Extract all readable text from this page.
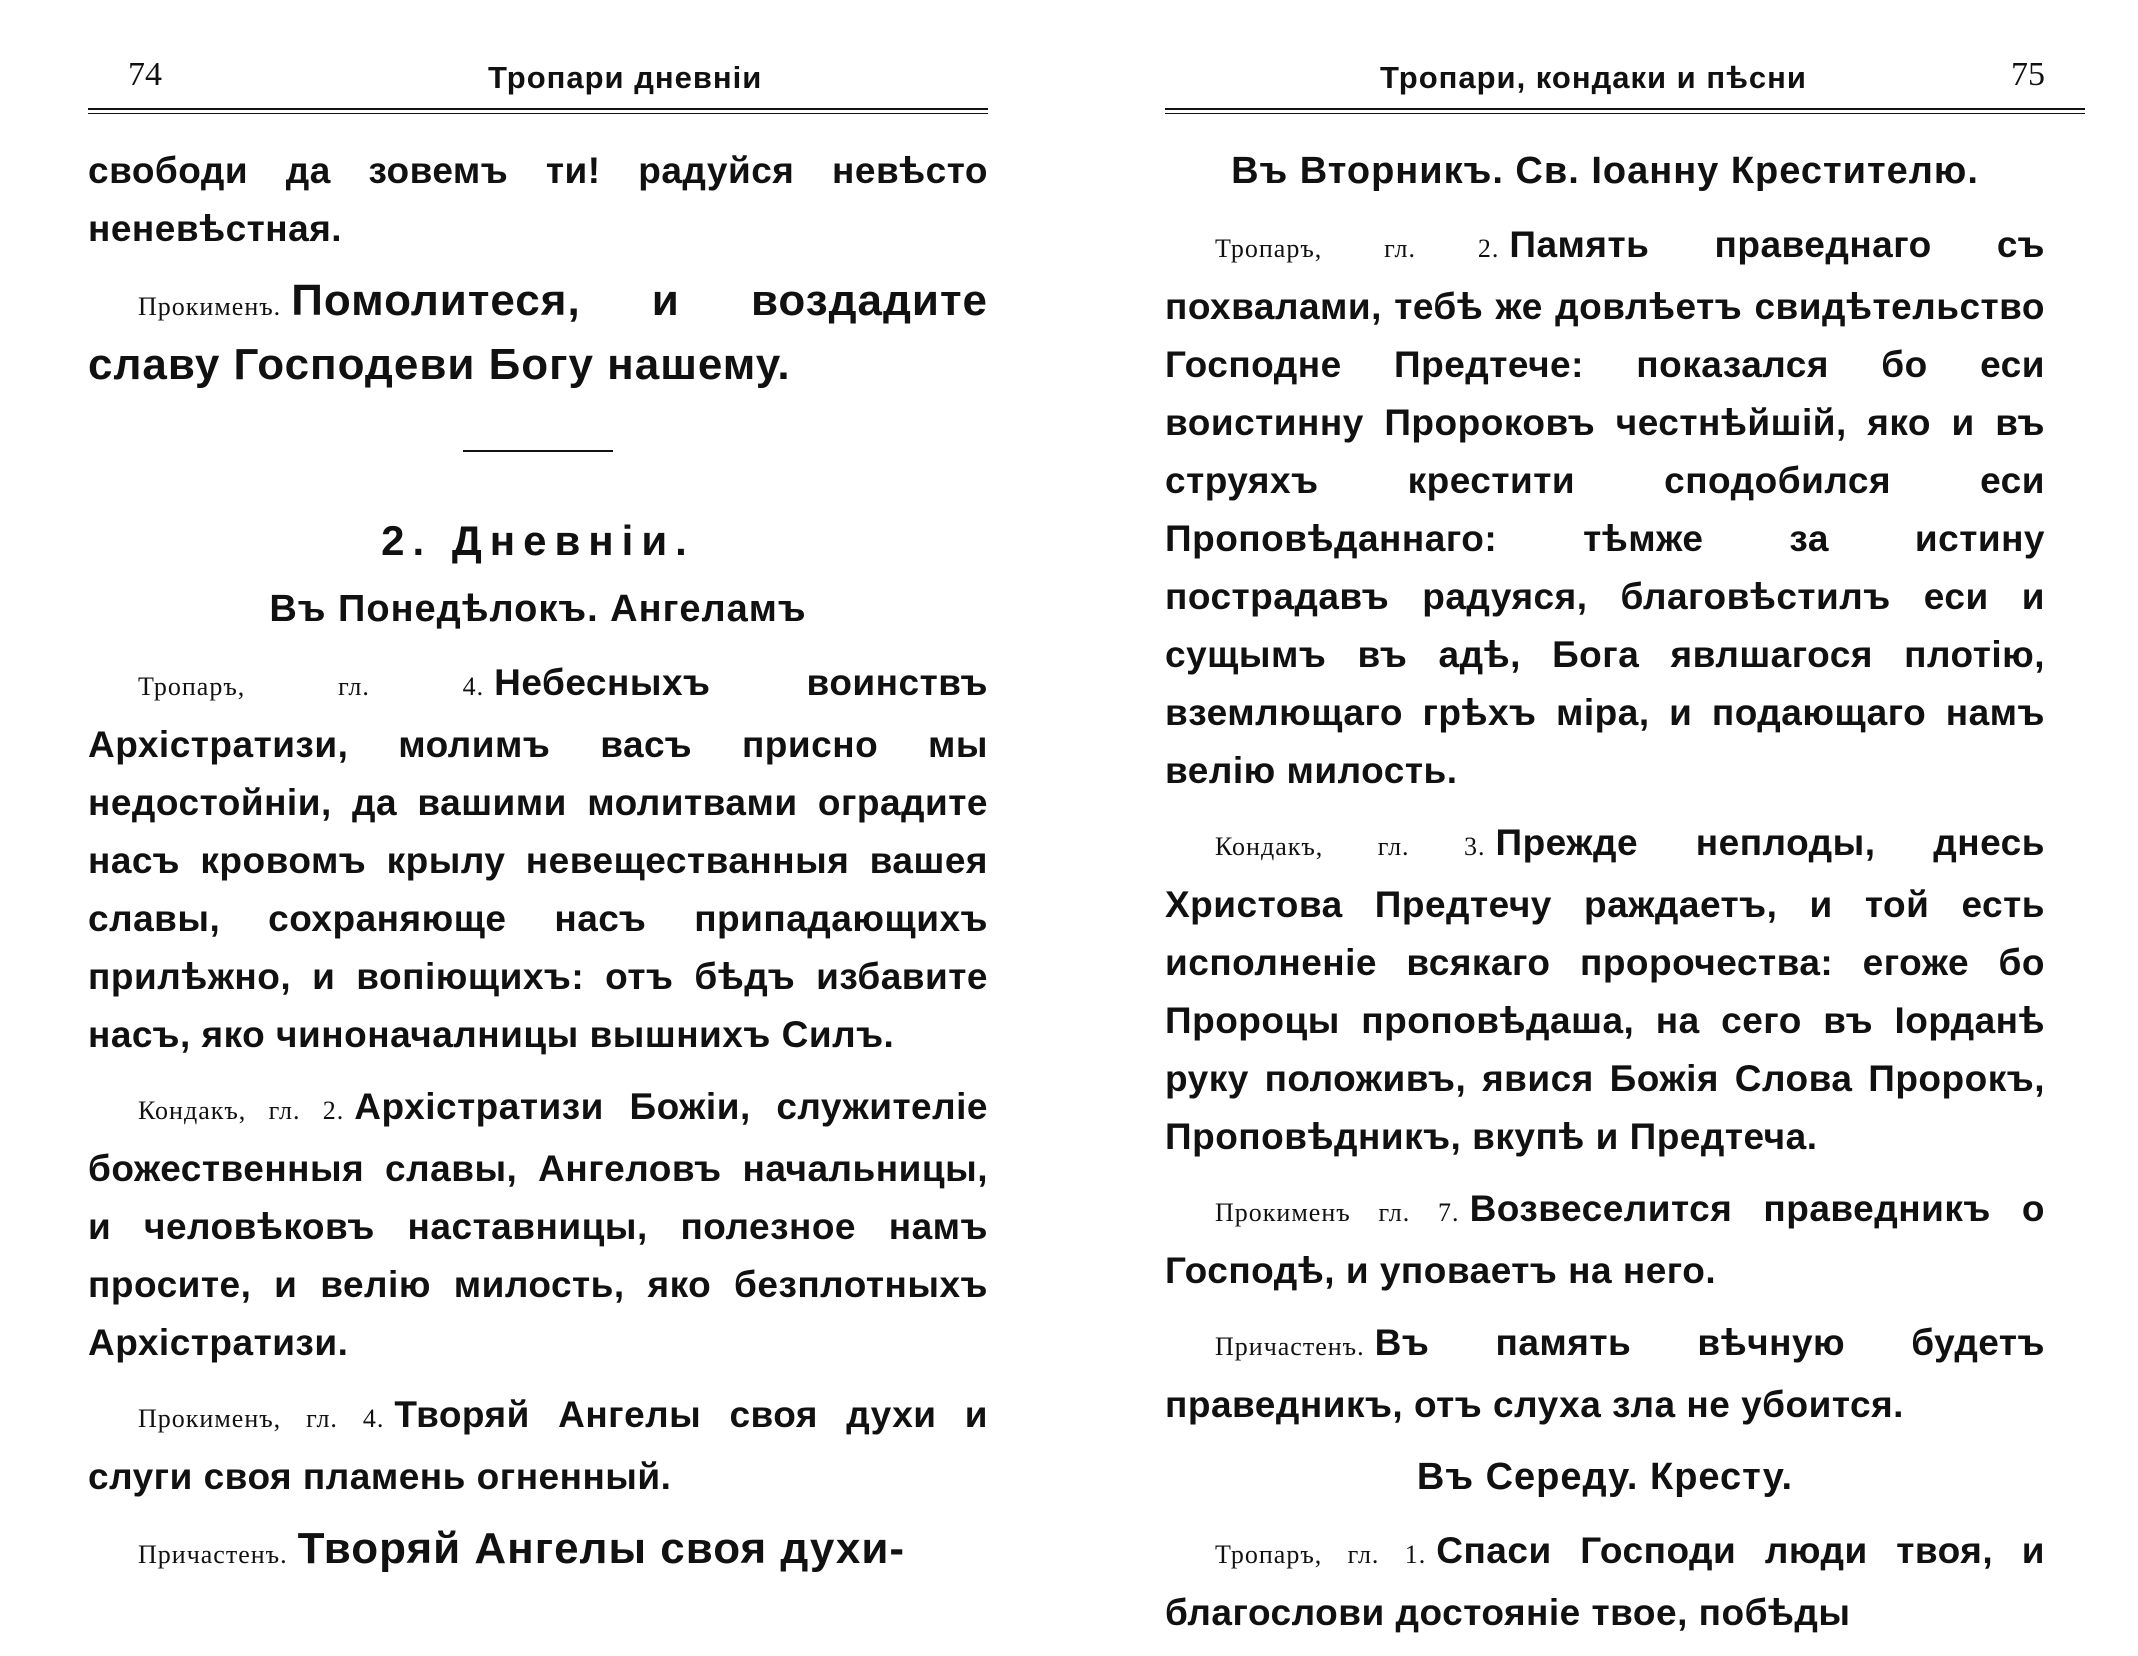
74	Тропари дневнiи

свободи да зовемъ ти! радуйся невѣсто неневѣстная.

Прокименъ. Помолитеся, и воздадите славу Господеви Богу нашему.

2. Дневнiи.
Въ Понедѣлокъ. Ангеламъ

Тропаръ, гл. 4. Небесныхъ воинствъ Архiстратизи, молимъ васъ присно мы недостойнiи, да вашими молитвами оградите насъ кровомъ крылу невеществанныя вашея славы, сохраняюще насъ припадающихъ прилѣжно, и вопiющихъ: отъ бѣдъ избавите насъ, яко чиноначалницы вышнихъ Силъ.

Кондакъ, гл. 2. Архiстратизи Божiи, служителiе божественныя славы, Ангеловъ начальницы, и человѣковъ наставницы, полезное намъ просите, и велiю милость, яко безплотныхъ Архiстратизи.

Прокименъ, гл. 4. Творяй Ангелы своя духи и слуги своя пламень огненный.

Причастенъ. Творяй Ангелы своя духи-

Тропари, кондаки и пѣсни	75
Въ Вторникъ. Св. Iоанну Крестителю.

Тропаръ, гл. 2. Память праведнаго съ похвалами, тебѣ же довлѣетъ свидѣтельство Господне Предтече: показался бо еси воистинну Пророковъ честнѣйшiй, яко и въ струяхъ крестити сподобился еси Проповѣданнаго: тѣмже за истину пострадавъ радуяся, благовѣстилъ еси и сущымъ въ адѣ, Бога явлшагося плотiю, вземлющаго грѣхъ мiра, и подающаго намъ велiю милость.

Кондакъ, гл. 3. Прежде неплоды, днесь Христова Предтечу раждаетъ, и той есть исполненiе всякаго пророчества: егоже бо Пророцы проповѣдаша, на сего въ Iорданѣ руку положивъ, явися Божiя Слова Пророкъ, Проповѣдникъ, вкупѣ и Предтеча.

Прокименъ гл. 7. Возвеселится праведникъ о Господѣ, и уповаетъ на него.

Причастенъ. Въ память вѣчную будетъ праведникъ, отъ слуха зла не убоится.

Въ Середу. Кресту.

Тропаръ, гл. 1. Спаси Господи люди твоя, и благослови достоянiе твое, побѣды
